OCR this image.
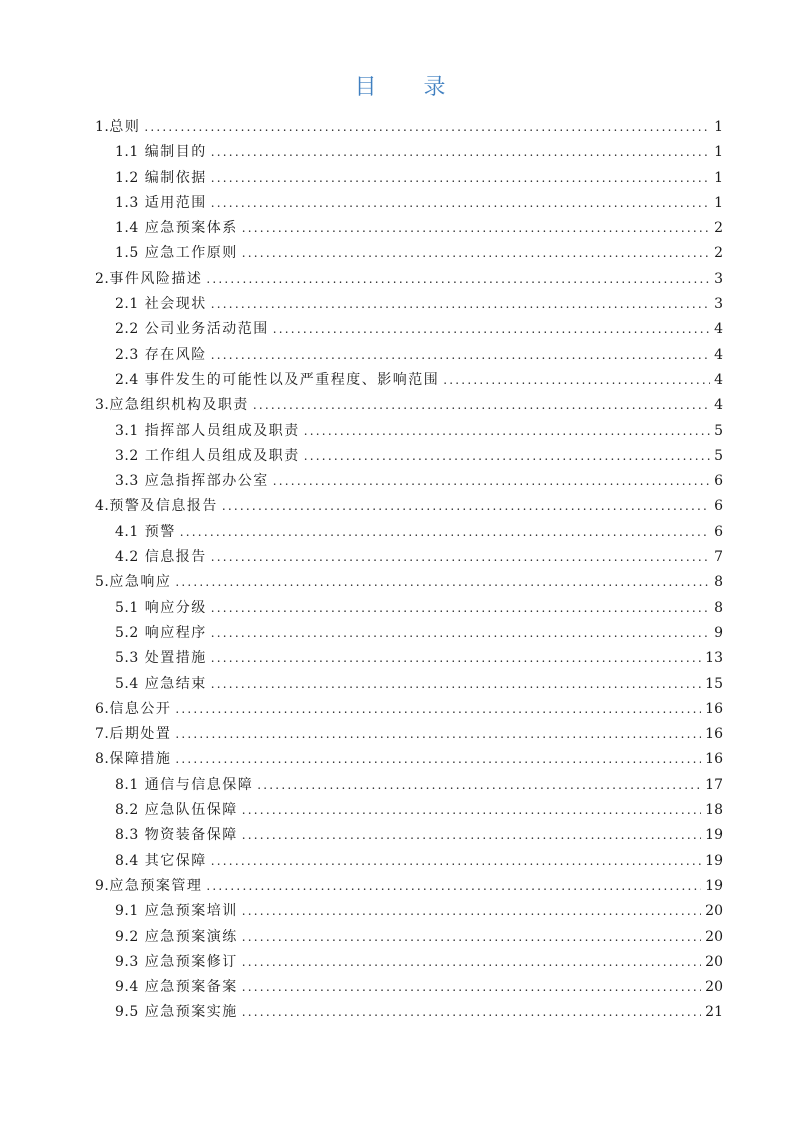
目 录
1.总则 .....	1
1.1 编制目的 .....	1
1.2 编制依据 .....	1
1.3 适用范围 .....	1
1.4 应急预案体系 .....	2
1.5 应急工作原则 .....	2
2.事件风险描述 .....	3
2.1 社会现状 .....	3
2.2 公司业务活动范围 .....	4
2.3 存在风险 .....	4
2.4 事件发生的可能性以及严重程度、影响范围 .....	4
3.应急组织机构及职责 .....	4
3.1 指挥部人员组成及职责 .....	5
3.2 工作组人员组成及职责 .....	5
3.3 应急指挥部办公室 .....	6
4.预警及信息报告 .....	6
4.1 预警 .....	6
4.2 信息报告 .....	7
5.应急响应 .....	8
5.1 响应分级 .....	8
5.2 响应程序 .....	9
5.3 处置措施 .....	13
5.4 应急结束 .....	15
6.信息公开 .....	16
7.后期处置 .....	16
8.保障措施 .....	16
8.1 通信与信息保障 .....	17
8.2 应急队伍保障 .....	18
8.3 物资装备保障 .....	19
8.4 其它保障 .....	19
9.应急预案管理 .....	19
9.1 应急预案培训 .....	20
9.2 应急预案演练 .....	20
9.3 应急预案修订 .....	20
9.4 应急预案备案 .....	20
9.5 应急预案实施 .....	21
